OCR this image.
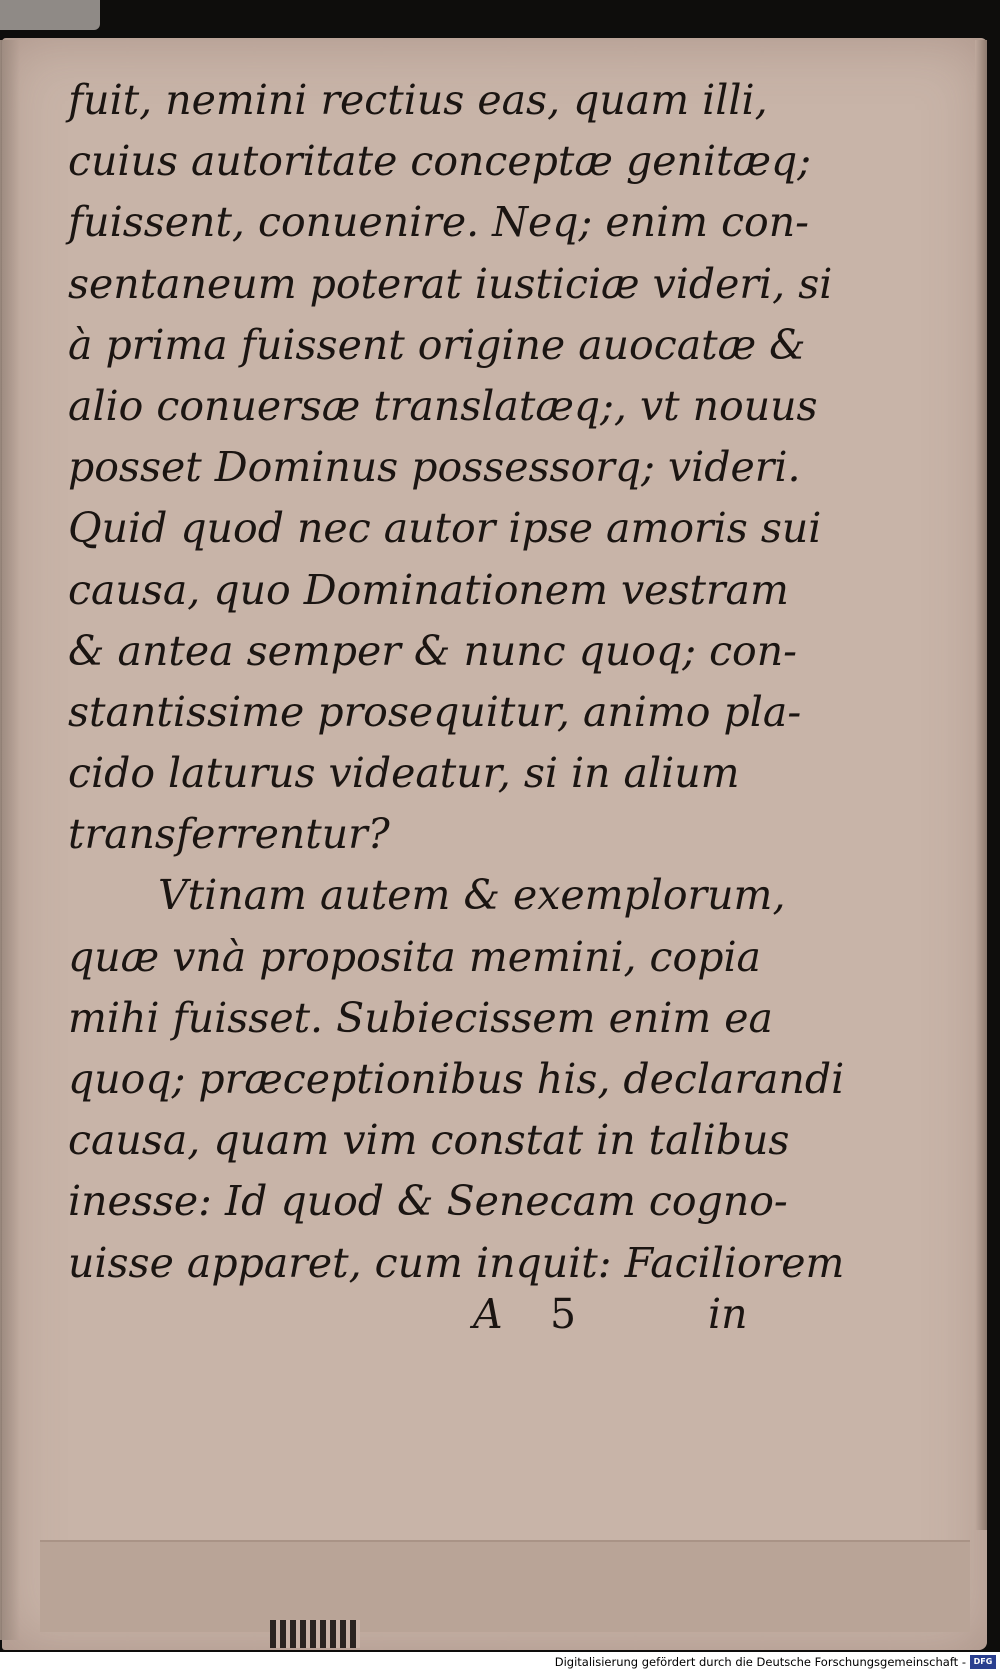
fuit, nemini rectius eas, quam illi,
cuius autoritate conceptæ genitæq;
fuissent, conuenire. Neq; enim con-
sentaneum poterat iusticiæ videri, si
à prima fuissent origine auocatæ &
alio conuersæ translatæq;, vt nouus
posset Dominus possessorq; videri.
Quid quod nec autor ipse amoris sui
causa, quo Dominationem vestram
& antea semper & nunc quoq; con-
stantissime prosequitur, animo pla-
cido laturus videatur, si in alium
transferrentur?
Vtinam autem & exemplorum,
quæ vnà proposita memini, copia
mihi fuisset. Subiecissem enim ea
quoq; præceptionibus his, declarandi
causa, quam vim constat in talibus
inesse: Id quod & Senecam cogno-
uisse apparet, cum inquit: Faciliorem
A 5	in
Digitalisierung gefördert durch die Deutsche Forschungsgemeinschaft - DFG
